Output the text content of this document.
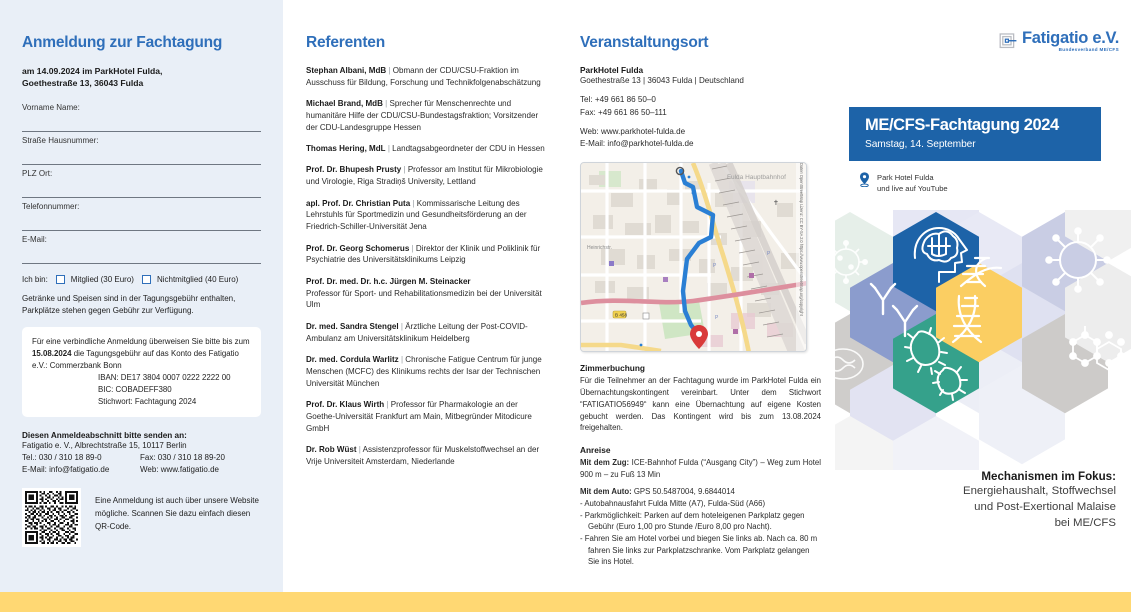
Anmeldung zur Fachtagung
am 14.09.2024 im ParkHotel Fulda,
Goethestraße 13, 36043 Fulda
Vorname Name:
Straße Hausnummer:
PLZ Ort:
Telefonnummer:
E-Mail:
Ich bin:	Mitglied (30 Euro)	Nichtmitglied (40 Euro)
Getränke und Speisen sind in der Tagungsgebühr enthalten, Parkplätze stehen gegen Gebühr zur Verfügung.
Für eine verbindliche Anmeldung überweisen Sie bitte bis zum 15.08.2024 die Tagungsgebühr auf das Konto des Fatigatio e.V.: Commerzbank Bonn
IBAN: DE17 3804 0007 0222 2222 00
BIC: COBADEFF380
Stichwort: Fachtagung 2024
Diesen Anmeldeabschnitt bitte senden an:
Fatigatio e. V., Albrechtstraße 15, 10117 Berlin
Tel.: 030 / 310 18 89-0	Fax: 030 / 310 18 89-20
E-Mail: info@fatigatio.de	Web: www.fatigatio.de
Eine Anmeldung ist auch über unsere Website mögliche. Scannen Sie dazu einfach diesen QR-Code.
Referenten
Stephan Albani, MdB | Obmann der CDU/CSU-Fraktion im Ausschuss für Bildung, Forschung und Technikfolgenabschätzung
Michael Brand, MdB | Sprecher für Menschenrechte und humanitäre Hilfe der CDU/CSU-Bundestagsfraktion; Vorsitzender der CDU-Landesgruppe Hessen
Thomas Hering, MdL | Landtagsabgeordneter der CDU in Hessen
Prof. Dr. Bhupesh Prusty | Professor am Institut für Mikrobiologie und Virologie, Riga Stradiņš University, Lettland
apl. Prof. Dr. Christian Puta | Kommissarische Leitung des Lehrstuhls für Sportmedizin und Gesundheitsförderung an der Friedrich-Schiller-Universität Jena
Prof. Dr. Georg Schomerus | Direktor der Klinik und Poliklinik für Psychiatrie des Universitätsklinikums Leipzig
Prof. Dr. med. Dr. h.c. Jürgen M. Steinacker
Professor für Sport- und Rehabilitationsmedizin bei der Universität Ulm
Dr. med. Sandra Stengel | Ärztliche Leitung der Post-COVID-Ambulanz am Universitätsklinikum Heidelberg
Dr. med. Cordula Warlitz | Chronische Fatigue Centrum für junge Menschen (MCFC) des Klinikums rechts der Isar der Technischen Universität München
Prof. Dr. Klaus Wirth | Professor für Pharmakologie an der Goethe-Universität Frankfurt am Main, Mitbegründer Mitodicure GmbH
Dr. Rob Wüst | Assistenzprofessor für Muskelstoffwechsel an der Vrije Universiteit Amsterdam, Niederlande
Veranstaltungsort
ParkHotel Fulda
Goethestraße 13 | 36043 Fulda | Deutschland
Tel: +49 661 86 50–0
Fax: +49 661 86 50–111
Web: www.parkhotel-fulda.de
E-Mail: info@parkhotel-fulda.de
P
P
P
Fulda Hauptbahnhof
Heinrichstr.
B 458
✝	Daten OpenStreetMap Lizenz: CC BY-SA 2.0 https://www.openstreetmap.org/copyright
Zimmerbuchung
Für die Teilnehmer an der Fachtagung wurde im ParkHotel Fulda ein Übernachtungskontingent vereinbart. Unter dem Stichwort “FATIGATIO56949“ kann eine Übernachtung auf eigene Kosten gebucht werden. Das Kontingent wird bis zum 13.08.2024 freigehalten.
Anreise
Mit dem Zug: ICE-Bahnhof Fulda (“Ausgang City”) – Weg zum Hotel 900 m – zu Fuß 13 Min
Mit dem Auto: GPS 50.5487004, 9.6844014
- Autobahnausfahrt Fulda Mitte (A7), Fulda-Süd (A66)
- Parkmöglichkeit: Parken auf dem hoteleigenen Parkplatz gegen Gebühr (Euro 1,00 pro Stunde /Euro 8,00 pro Nacht).
- Fahren Sie am Hotel vorbei und biegen Sie links ab. Nach ca. 80 m fahren Sie links zur Parkplatzschranke. Vom Parkplatz gelangen Sie ins Hotel.
Fatigatio e.V.
Bundesverband ME/CFS
ME/CFS-Fachtagung 2024
Samstag, 14. September
Park Hotel Fulda
und live auf YouTube
Mechanismen im Fokus:
Energiehaushalt, Stoffwechsel
und Post-Exertional Malaise
bei ME/CFS
